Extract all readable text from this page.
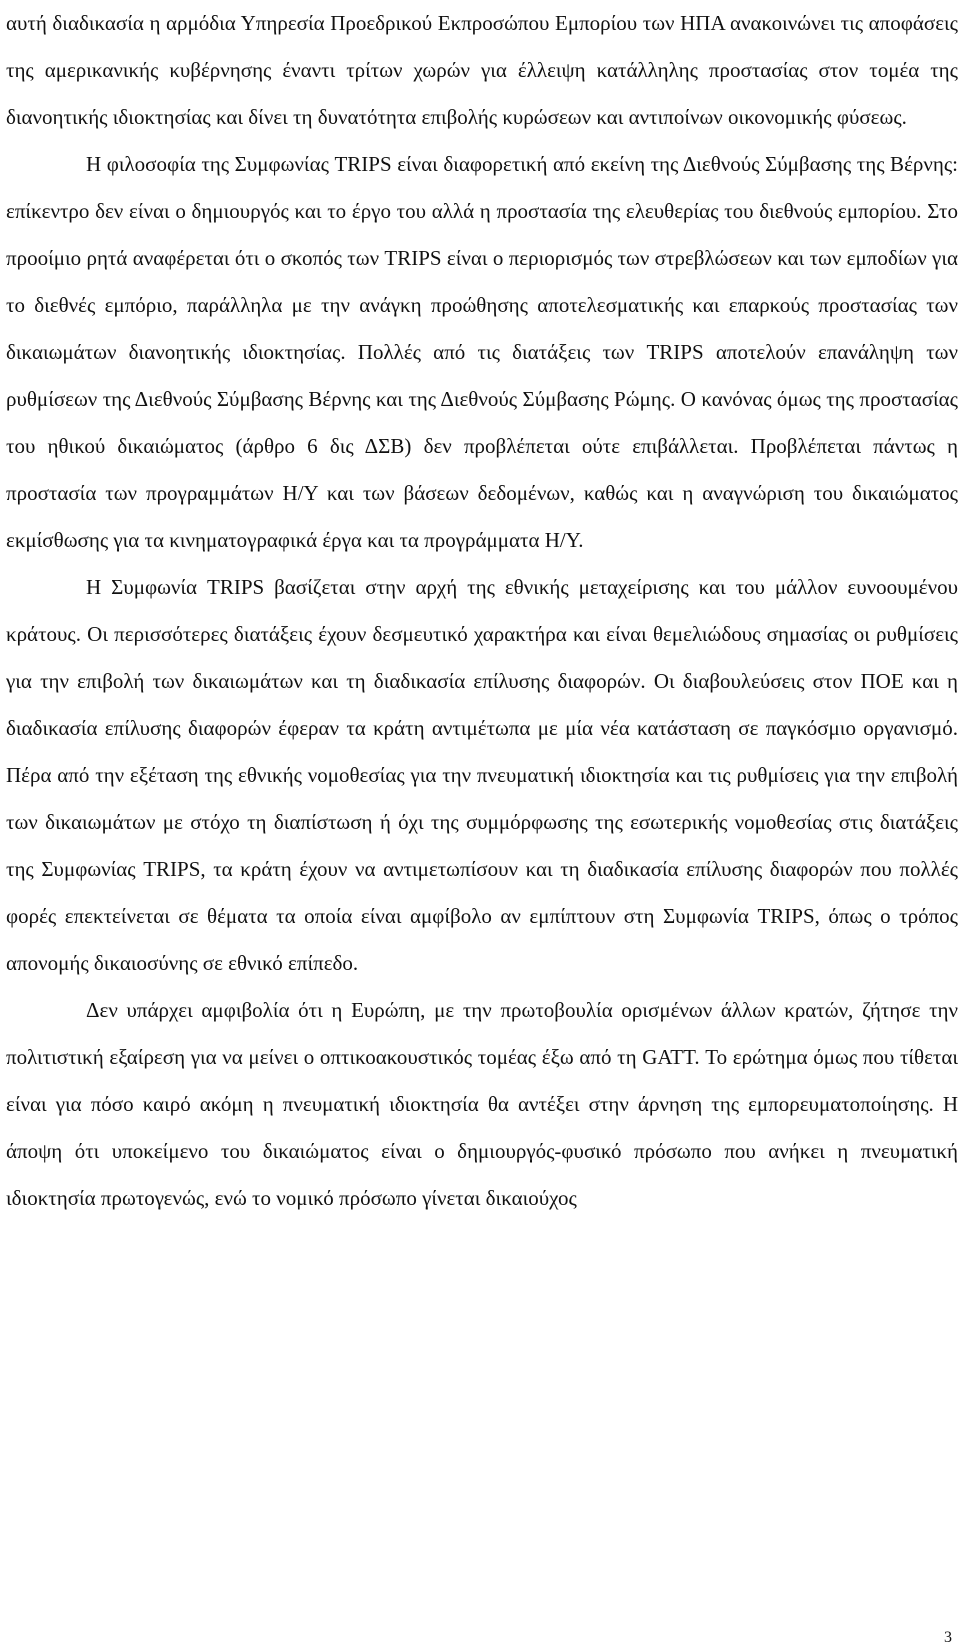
αυτή διαδικασία η αρμόδια Υπηρεσία Προεδρικού Εκπροσώπου Εμπορίου των ΗΠΑ ανακοινώνει τις αποφάσεις της αμερικανικής κυβέρνησης έναντι τρίτων χωρών για έλλειψη κατάλληλης προστασίας στον τομέα της διανοητικής ιδιοκτησίας και δίνει τη δυνατότητα επιβολής κυρώσεων και αντιποίνων οικονομικής φύσεως.

Η φιλοσοφία της Συμφωνίας TRIPS είναι διαφορετική από εκείνη της Διεθνούς Σύμβασης της Βέρνης: επίκεντρο δεν είναι ο δημιουργός και το έργο του αλλά η προστασία της ελευθερίας του διεθνούς εμπορίου. Στο προοίμιο ρητά αναφέρεται ότι ο σκοπός των TRIPS είναι ο περιορισμός των στρεβλώσεων και των εμποδίων για το διεθνές εμπόριο, παράλληλα με την ανάγκη προώθησης αποτελεσματικής και επαρκούς προστασίας των δικαιωμάτων διανοητικής ιδιοκτησίας. Πολλές από τις διατάξεις των TRIPS αποτελούν επανάληψη των ρυθμίσεων της Διεθνούς Σύμβασης Βέρνης και της Διεθνούς Σύμβασης Ρώμης. Ο κανόνας όμως της προστασίας του ηθικού δικαιώματος (άρθρο 6 δις ΔΣΒ) δεν προβλέπεται ούτε επιβάλλεται. Προβλέπεται πάντως η προστασία των προγραμμάτων Η/Υ και των βάσεων δεδομένων, καθώς και η αναγνώριση του δικαιώματος εκμίσθωσης για τα κινηματογραφικά έργα και τα προγράμματα Η/Υ.

Η Συμφωνία TRIPS βασίζεται στην αρχή της εθνικής μεταχείρισης και του μάλλον ευνοουμένου κράτους. Οι περισσότερες διατάξεις έχουν δεσμευτικό χαρακτήρα και είναι θεμελιώδους σημασίας οι ρυθμίσεις για την επιβολή των δικαιωμάτων και τη διαδικασία επίλυσης διαφορών. Οι διαβουλεύσεις στον ΠΟΕ και η διαδικασία επίλυσης διαφορών έφεραν τα κράτη αντιμέτωπα με μία νέα κατάσταση σε παγκόσμιο οργανισμό. Πέρα από την εξέταση της εθνικής νομοθεσίας για την πνευματική ιδιοκτησία και τις ρυθμίσεις για την επιβολή των δικαιωμάτων με στόχο τη διαπίστωση ή όχι της συμμόρφωσης της εσωτερικής νομοθεσίας στις διατάξεις της Συμφωνίας TRIPS, τα κράτη έχουν να αντιμετωπίσουν και τη διαδικασία επίλυσης διαφορών που πολλές φορές επεκτείνεται σε θέματα τα οποία είναι αμφίβολο αν εμπίπτουν στη Συμφωνία TRIPS, όπως ο τρόπος απονομής δικαιοσύνης σε εθνικό επίπεδο.

Δεν υπάρχει αμφιβολία ότι η Ευρώπη, με την πρωτοβουλία ορισμένων άλλων κρατών, ζήτησε την πολιτιστική εξαίρεση για να μείνει ο οπτικοακουστικός τομέας έξω από τη GATT. Το ερώτημα όμως που τίθεται είναι για πόσο καιρό ακόμη η πνευματική ιδιοκτησία θα αντέξει στην άρνηση της εμπορευματοποίησης. Η άποψη ότι υποκείμενο του δικαιώματος είναι ο δημιουργός-φυσικό πρόσωπο που ανήκει η πνευματική ιδιοκτησία πρωτογενώς, ενώ το νομικό πρόσωπο γίνεται δικαιούχος

3
